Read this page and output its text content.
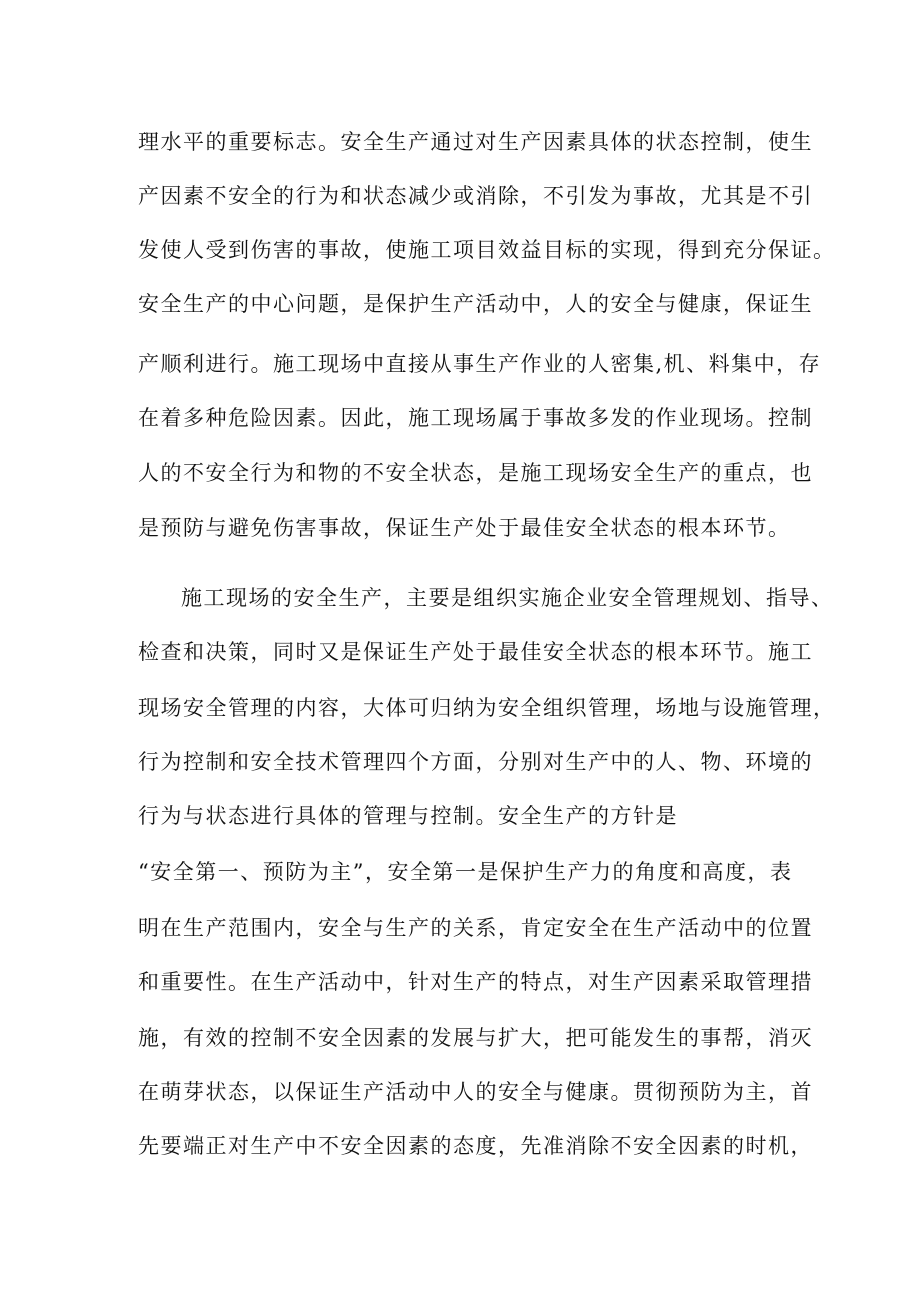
理水平的重要标志。安全生产通过对生产因素具体的状态控制，使生

产因素不安全的行为和状态减少或消除，不引发为事故，尤其是不引

发使人受到伤害的事故，使施工项目效益目标的实现，得到充分保证。

安全生产的中心问题，是保护生产活动中，人的安全与健康，保证生

产顺利进行。施工现场中直接从事生产作业的人密集,机、料集中，存

在着多种危险因素。因此，施工现场属于事故多发的作业现场。控制

人的不安全行为和物的不安全状态，是施工现场安全生产的重点，也

是预防与避免伤害事故，保证生产处于最佳安全状态的根本环节。

施工现场的安全生产，主要是组织实施企业安全管理规划、指导、

检查和决策，同时又是保证生产处于最佳安全状态的根本环节。施工

现场安全管理的内容，大体可归纳为安全组织管理，场地与设施管理，

行为控制和安全技术管理四个方面，分别对生产中的人、物、环境的

行为与状态进行具体的管理与控制。安全生产的方针是

“安全第一、预防为主”，安全第一是保护生产力的角度和高度，表

明在生产范围内，安全与生产的关系，肯定安全在生产活动中的位置

和重要性。在生产活动中，针对生产的特点，对生产因素采取管理措

施，有效的控制不安全因素的发展与扩大，把可能发生的事帮，消灭

在萌芽状态，以保证生产活动中人的安全与健康。贯彻预防为主，首

先要端正对生产中不安全因素的态度，先准消除不安全因素的时机，
